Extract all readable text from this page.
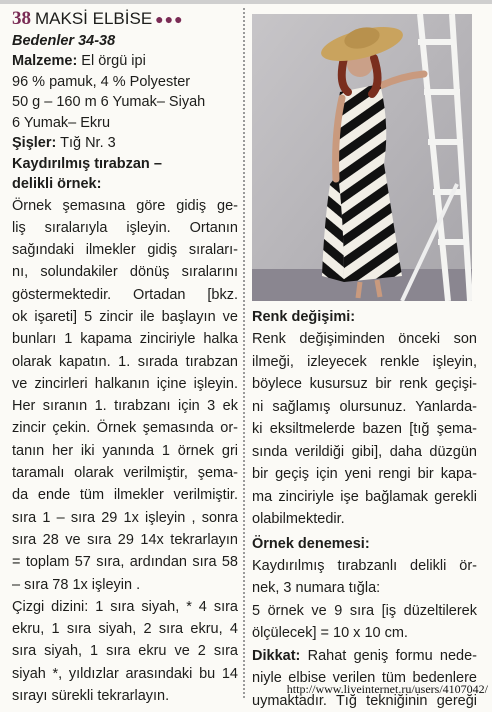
38 MAKSİ ELBİSE ●●●
Bedenler 34-38
Malzeme: El örgü ipi
96 % pamuk, 4 % Polyester
50 g – 160 m 6 Yumak– Siyah
6 Yumak– Ekru
Şişler: Tığ Nr. 3
Kaydırılmış tırabzan –
delikli örnek:
Örnek şemasına göre gidiş ge-
liş sıralarıyla işleyin. Ortanın
sağındaki ilmekler gidiş sıraları-
nı, solundakiler dönüş sıralarını
göstermektedir. Ortadan [bkz.
ok işareti] 5 zincir ile başlayın ve
bunları 1 kapama zinciriyle halka
olarak kapatın. 1. sırada tırabzan
ve zincirleri halkanın içine işleyin.
Her sıranın 1. tırabzanı için 3 ek
zincir çekin. Örnek şemasında or-
tanın her iki yanında 1 örnek gri
taramalı olarak verilmiştir, şema-
da ende tüm ilmekler verilmiştir.
sıra 1 – sıra 29 1x işleyin , sonra
sıra 28 ve sıra 29 14x tekrarlayın
= toplam 57 sıra, ardından sıra 58
– sıra 78 1x işleyin .
Çizgi dizini: 1 sıra siyah, * 4 sıra
ekru, 1 sıra siyah, 2 sıra ekru, 4
sıra siyah, 1 sıra ekru ve 2 sıra
siyah *, yıldızlar arasındaki bu 14
sırayı sürekli tekrarlayın.
Renk değişimi:
Renk değişiminden önceki son
ilmeği, izleyecek renkle işleyin,
böylece kusursuz bir renk geçişi-
ni sağlamış olursunuz. Yanlarda-
ki eksiltmelerde bazen [tığ şema-
sında verildiği gibi], daha düzgün
bir geçiş için yeni rengi bir kapa-
ma zinciriyle işe bağlamak gerekli
olabilmektedir.
Örnek denemesi:
Kaydırılmış tırabzanlı delikli ör-
nek, 3 numara tığla:
5 örnek ve 9 sıra [iş düzeltilerek
ölçülecek] = 10 x 10 cm.
Dikkat: Rahat geniş formu nede-
niyle elbise verilen tüm bedenlere
uymaktadır. Tığ tekniğinin gereği
http://www.liveinternet.ru/users/4107042/
